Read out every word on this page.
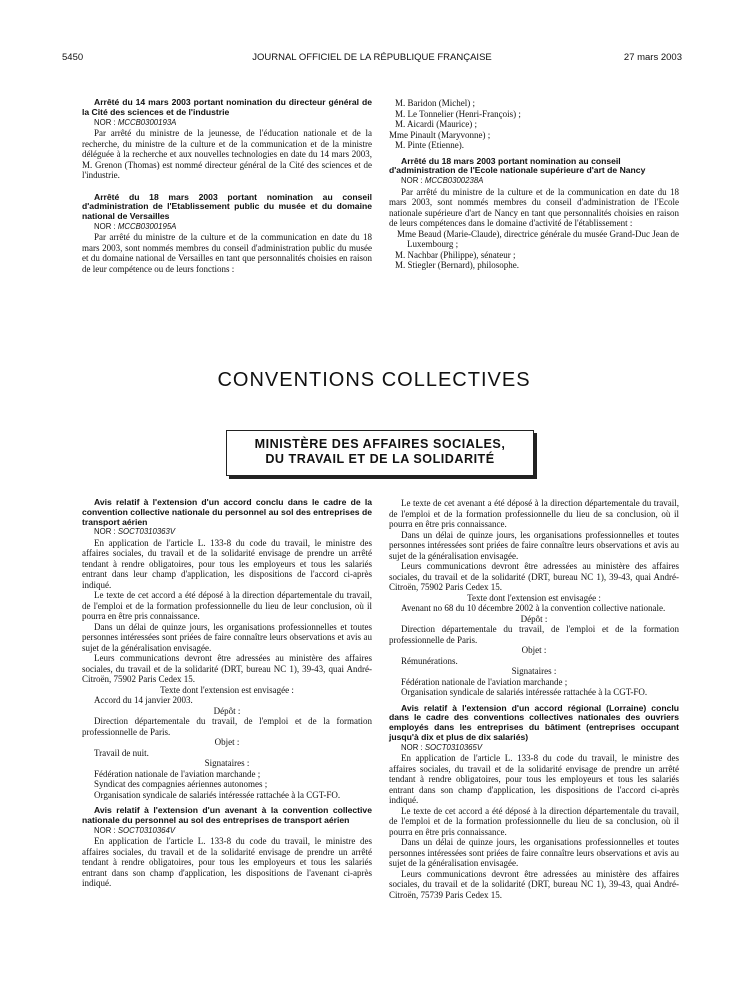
5450	JOURNAL OFFICIEL DE LA RÉPUBLIQUE FRANÇAISE	27 mars 2003

Arrêté du 14 mars 2003 portant nomination du directeur général de la Cité des sciences et de l'industrie

NOR : MCCB0300193A

Par arrêté du ministre de la jeunesse, de l'éducation nationale et de la recherche, du ministre de la culture et de la communication et de la ministre déléguée à la recherche et aux nouvelles technologies en date du 14 mars 2003, M. Grenon (Thomas) est nommé directeur général de la Cité des sciences et de l'industrie.

Arrêté du 18 mars 2003 portant nomination au conseil d'administration de l'Etablissement public du musée et du domaine national de Versailles

NOR : MCCB0300195A

Par arrêté du ministre de la culture et de la communication en date du 18 mars 2003, sont nommés membres du conseil d'administration public du musée et du domaine national de Versailles en tant que personnalités choisies en raison de leur compétence ou de leurs fonctions :

M. Baridon (Michel) ;

M. Le Tonnelier (Henri-François) ;

M. Aicardi (Maurice) ;

Mme Pinault (Maryvonne) ;

M. Pinte (Etienne).

Arrêté du 18 mars 2003 portant nomination au conseil d'administration de l'Ecole nationale supérieure d'art de Nancy

NOR : MCCB0300238A

Par arrêté du ministre de la culture et de la communication en date du 18 mars 2003, sont nommés membres du conseil d'administration de l'Ecole nationale supérieure d'art de Nancy en tant que personnalités choisies en raison de leurs compétences dans le domaine d'activité de l'établissement :

Mme Beaud (Marie-Claude), directrice générale du musée Grand-Duc Jean de Luxembourg ;

M. Nachbar (Philippe), sénateur ;

M. Stiegler (Bernard), philosophe.

CONVENTIONS COLLECTIVES
MINISTÈRE DES AFFAIRES SOCIALES,
DU TRAVAIL ET DE LA SOLIDARITÉ

Avis relatif à l'extension d'un accord conclu dans le cadre de la convention collective nationale du personnel au sol des entreprises de transport aérien

NOR : SOCT0310363V

En application de l'article L. 133-8 du code du travail, le ministre des affaires sociales, du travail et de la solidarité envisage de prendre un arrêté tendant à rendre obligatoires, pour tous les employeurs et tous les salariés entrant dans leur champ d'application, les dispositions de l'accord ci-après indiqué.

Le texte de cet accord a été déposé à la direction départementale du travail, de l'emploi et de la formation professionnelle du lieu de leur conclusion, où il pourra en être pris connaissance.

Dans un délai de quinze jours, les organisations professionnelles et toutes personnes intéressées sont priées de faire connaître leurs observations et avis au sujet de la généralisation envisagée.

Leurs communications devront être adressées au ministère des affaires sociales, du travail et de la solidarité (DRT, bureau NC 1), 39-43, quai André-Citroën, 75902 Paris Cedex 15.

Texte dont l'extension est envisagée :

Accord du 14 janvier 2003.

Dépôt :

Direction départementale du travail, de l'emploi et de la formation professionnelle de Paris.

Objet :

Travail de nuit.

Signataires :

Fédération nationale de l'aviation marchande ;

Syndicat des compagnies aériennes autonomes ;

Organisation syndicale de salariés intéressée rattachée à la CGT-FO.

Avis relatif à l'extension d'un avenant à la convention collective nationale du personnel au sol des entreprises de transport aérien

NOR : SOCT0310364V

En application de l'article L. 133-8 du code du travail, le ministre des affaires sociales, du travail et de la solidarité envisage de prendre un arrêté tendant à rendre obligatoires, pour tous les employeurs et tous les salariés entrant dans son champ d'application, les dispositions de l'avenant ci-après indiqué.

Le texte de cet avenant a été déposé à la direction départementale du travail, de l'emploi et de la formation professionnelle du lieu de sa conclusion, où il pourra en être pris connaissance.

Dans un délai de quinze jours, les organisations professionnelles et toutes personnes intéressées sont priées de faire connaître leurs observations et avis au sujet de la généralisation envisagée.

Leurs communications devront être adressées au ministère des affaires sociales, du travail et de la solidarité (DRT, bureau NC 1), 39-43, quai André-Citroën, 75902 Paris Cedex 15.

Texte dont l'extension est envisagée :

Avenant no 68 du 10 décembre 2002 à la convention collective nationale.

Dépôt :

Direction départementale du travail, de l'emploi et de la formation professionnelle de Paris.

Objet :

Rémunérations.

Signataires :

Fédération nationale de l'aviation marchande ;

Organisation syndicale de salariés intéressée rattachée à la CGT-FO.

Avis relatif à l'extension d'un accord régional (Lorraine) conclu dans le cadre des conventions collectives nationales des ouvriers employés dans les entreprises du bâtiment (entreprises occupant jusqu'à dix et plus de dix salariés)

NOR : SOCT0310365V

En application de l'article L. 133-8 du code du travail, le ministre des affaires sociales, du travail et de la solidarité envisage de prendre un arrêté tendant à rendre obligatoires, pour tous les employeurs et tous les salariés entrant dans son champ d'application, les dispositions de l'accord ci-après indiqué.

Le texte de cet accord a été déposé à la direction départementale du travail, de l'emploi et de la formation professionnelle du lieu de sa conclusion, où il pourra en être pris connaissance.

Dans un délai de quinze jours, les organisations professionnelles et toutes personnes intéressées sont priées de faire connaître leurs observations et avis au sujet de la généralisation envisagée.

Leurs communications devront être adressées au ministère des affaires sociales, du travail et de la solidarité (DRT, bureau NC 1), 39-43, quai André-Citroën, 75739 Paris Cedex 15.
